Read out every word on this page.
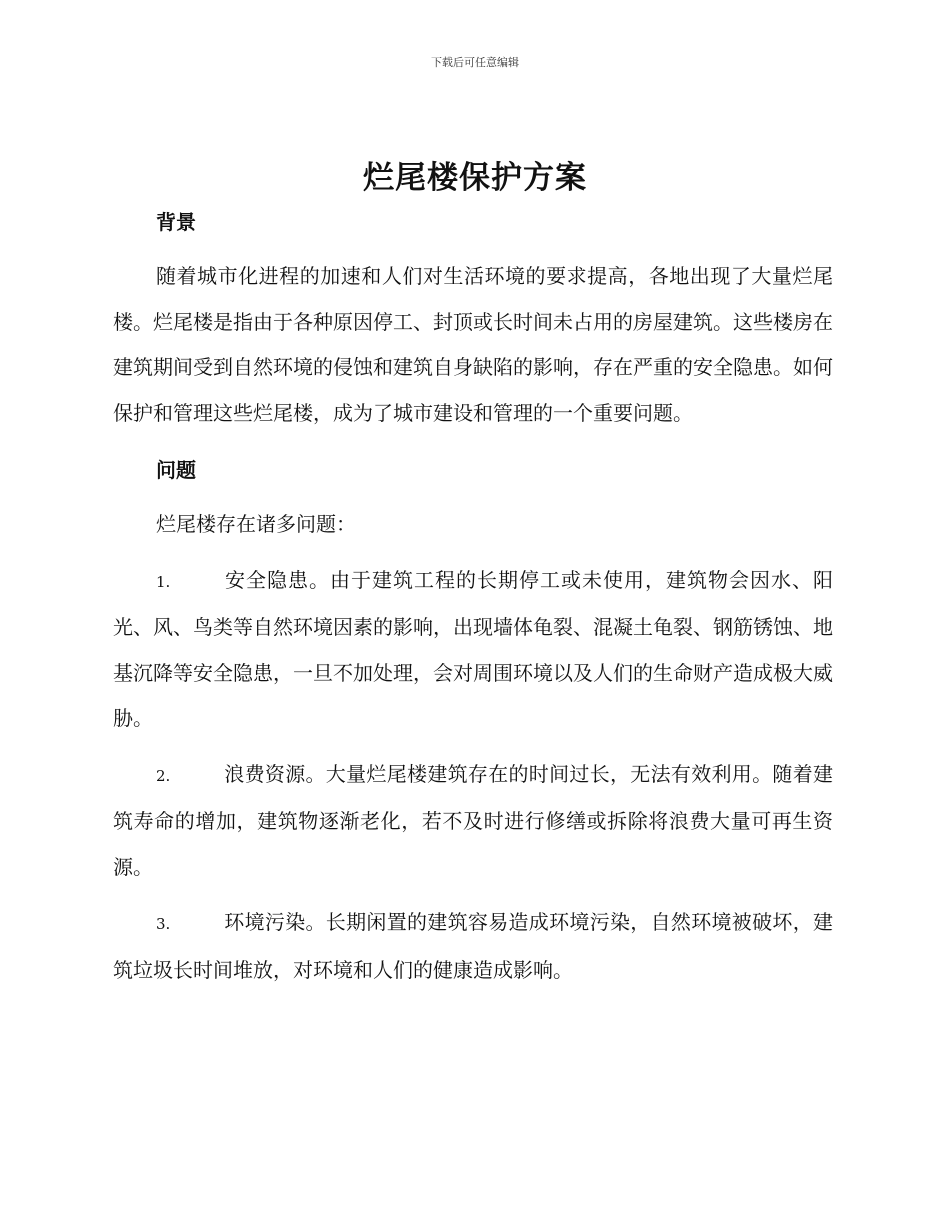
下载后可任意编辑
烂尾楼保护方案
背景

随着城市化进程的加速和人们对生活环境的要求提高，各地出现了大量烂尾楼。烂尾楼是指由于各种原因停工、封顶或长时间未占用的房屋建筑。这些楼房在建筑期间受到自然环境的侵蚀和建筑自身缺陷的影响，存在严重的安全隐患。如何保护和管理这些烂尾楼，成为了城市建设和管理的一个重要问题。

问题

烂尾楼存在诸多问题：

1.	安全隐患。由于建筑工程的长期停工或未使用，建筑物会因水、阳光、风、鸟类等自然环境因素的影响，出现墙体龟裂、混凝土龟裂、钢筋锈蚀、地基沉降等安全隐患，一旦不加处理，会对周围环境以及人们的生命财产造成极大威胁。

2.	浪费资源。大量烂尾楼建筑存在的时间过长，无法有效利用。随着建筑寿命的增加，建筑物逐渐老化，若不及时进行修缮或拆除将浪费大量可再生资源。

3.	环境污染。长期闲置的建筑容易造成环境污染，自然环境被破坏，建筑垃圾长时间堆放，对环境和人们的健康造成影响。
